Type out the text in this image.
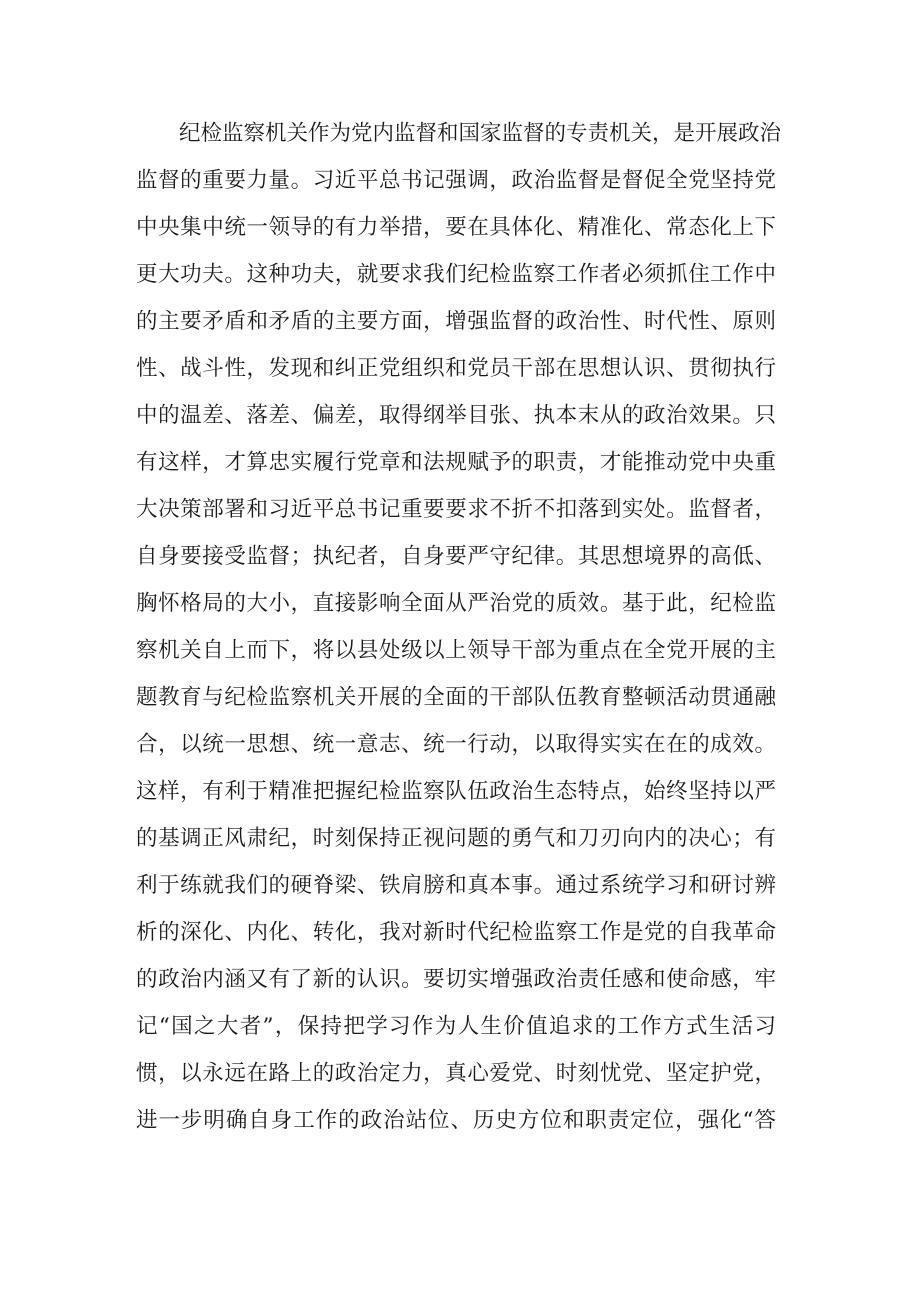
纪检监察机关作为党内监督和国家监督的专责机关，是开展政治
监督的重要力量。习近平总书记强调，政治监督是督促全党坚持党
中央集中统一领导的有力举措，要在具体化、精准化、常态化上下
更大功夫。这种功夫，就要求我们纪检监察工作者必须抓住工作中
的主要矛盾和矛盾的主要方面，增强监督的政治性、时代性、原则
性、战斗性，发现和纠正党组织和党员干部在思想认识、贯彻执行
中的温差、落差、偏差，取得纲举目张、执本末从的政治效果。只
有这样，才算忠实履行党章和法规赋予的职责，才能推动党中央重
大决策部署和习近平总书记重要要求不折不扣落到实处。监督者，
自身要接受监督；执纪者，自身要严守纪律。其思想境界的高低、
胸怀格局的大小，直接影响全面从严治党的质效。基于此，纪检监
察机关自上而下，将以县处级以上领导干部为重点在全党开展的主
题教育与纪检监察机关开展的全面的干部队伍教育整顿活动贯通融
合，以统一思想、统一意志、统一行动，以取得实实在在的成效。
这样，有利于精准把握纪检监察队伍政治生态特点，始终坚持以严
的基调正风肃纪，时刻保持正视问题的勇气和刀刃向内的决心；有
利于练就我们的硬脊梁、铁肩膀和真本事。通过系统学习和研讨辨
析的深化、内化、转化，我对新时代纪检监察工作是党的自我革命
的政治内涵又有了新的认识。要切实增强政治责任感和使命感，牢
记“国之大者”，保持把学习作为人生价值追求的工作方式生活习
惯，以永远在路上的政治定力，真心爱党、时刻忧党、坚定护党，
进一步明确自身工作的政治站位、历史方位和职责定位，强化“答
